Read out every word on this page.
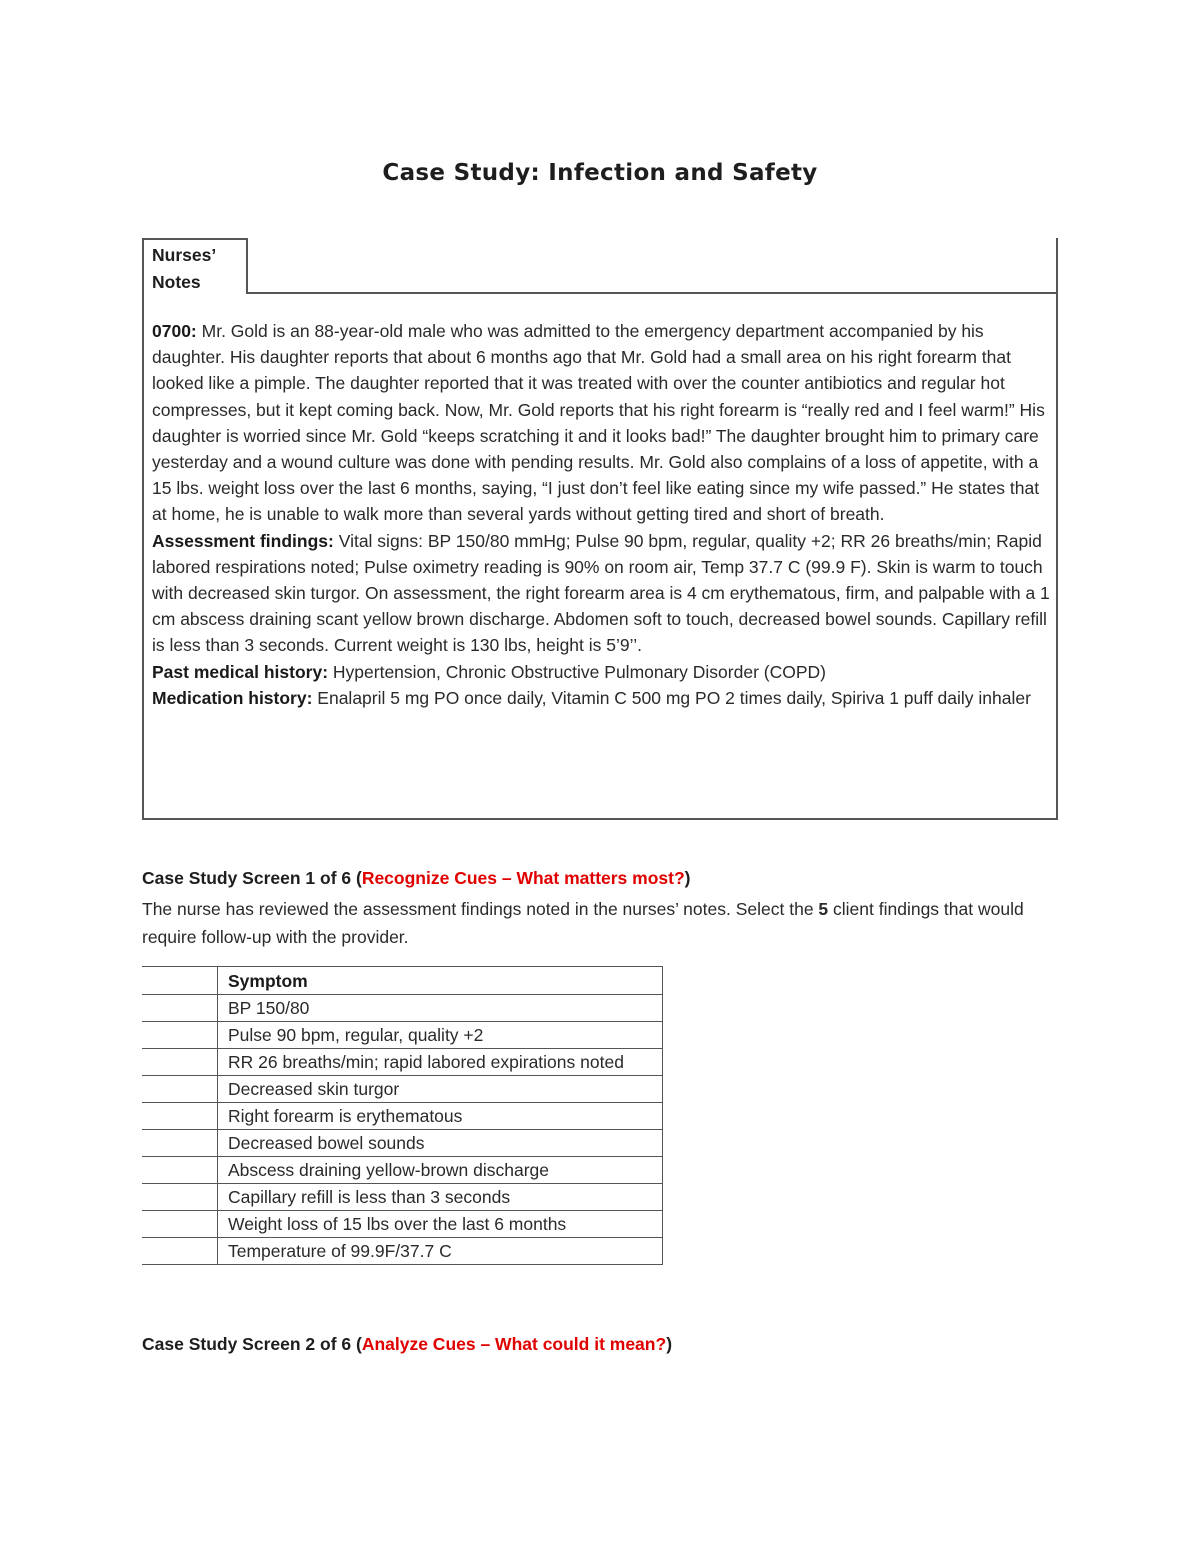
Case Study: Infection and Safety
Nurses’
Notes

0700: Mr. Gold is an 88-year-old male who was admitted to the emergency department accompanied by his daughter. His daughter reports that about 6 months ago that Mr. Gold had a small area on his right forearm that looked like a pimple. The daughter reported that it was treated with over the counter antibiotics and regular hot compresses, but it kept coming back. Now, Mr. Gold reports that his right forearm is “really red and I feel warm!” His daughter is worried since Mr. Gold “keeps scratching it and it looks bad!” The daughter brought him to primary care yesterday and a wound culture was done with pending results. Mr. Gold also complains of a loss of appetite, with a 15 lbs. weight loss over the last 6 months, saying, “I just don’t feel like eating since my wife passed.” He states that at home, he is unable to walk more than several yards without getting tired and short of breath.

Assessment findings: Vital signs: BP 150/80 mmHg; Pulse 90 bpm, regular, quality +2; RR 26 breaths/min; Rapid labored respirations noted; Pulse oximetry reading is 90% on room air, Temp 37.7 C (99.9 F). Skin is warm to touch with decreased skin turgor. On assessment, the right forearm area is 4 cm erythematous, firm, and palpable with a 1 cm abscess draining scant yellow brown discharge. Abdomen soft to touch, decreased bowel sounds. Capillary refill is less than 3 seconds. Current weight is 130 lbs, height is 5’9’’.

Past medical history: Hypertension, Chronic Obstructive Pulmonary Disorder (COPD)

Medication history: Enalapril 5 mg PO once daily, Vitamin C 500 mg PO 2 times daily, Spiriva 1 puff daily inhaler

Case Study Screen 1 of 6 (Recognize Cues – What matters most?)
The nurse has reviewed the assessment findings noted in the nurses’ notes. Select the 5 client findings that would require follow-up with the provider.
	Symptom
	BP 150/80
	Pulse 90 bpm, regular, quality +2
	RR 26 breaths/min; rapid labored expirations noted
	Decreased skin turgor
	Right forearm is erythematous
	Decreased bowel sounds
	Abscess draining yellow-brown discharge
	Capillary refill is less than 3 seconds
	Weight loss of 15 lbs over the last 6 months
	Temperature of 99.9F/37.7 C
Case Study Screen 2 of 6 (Analyze Cues – What could it mean?)
